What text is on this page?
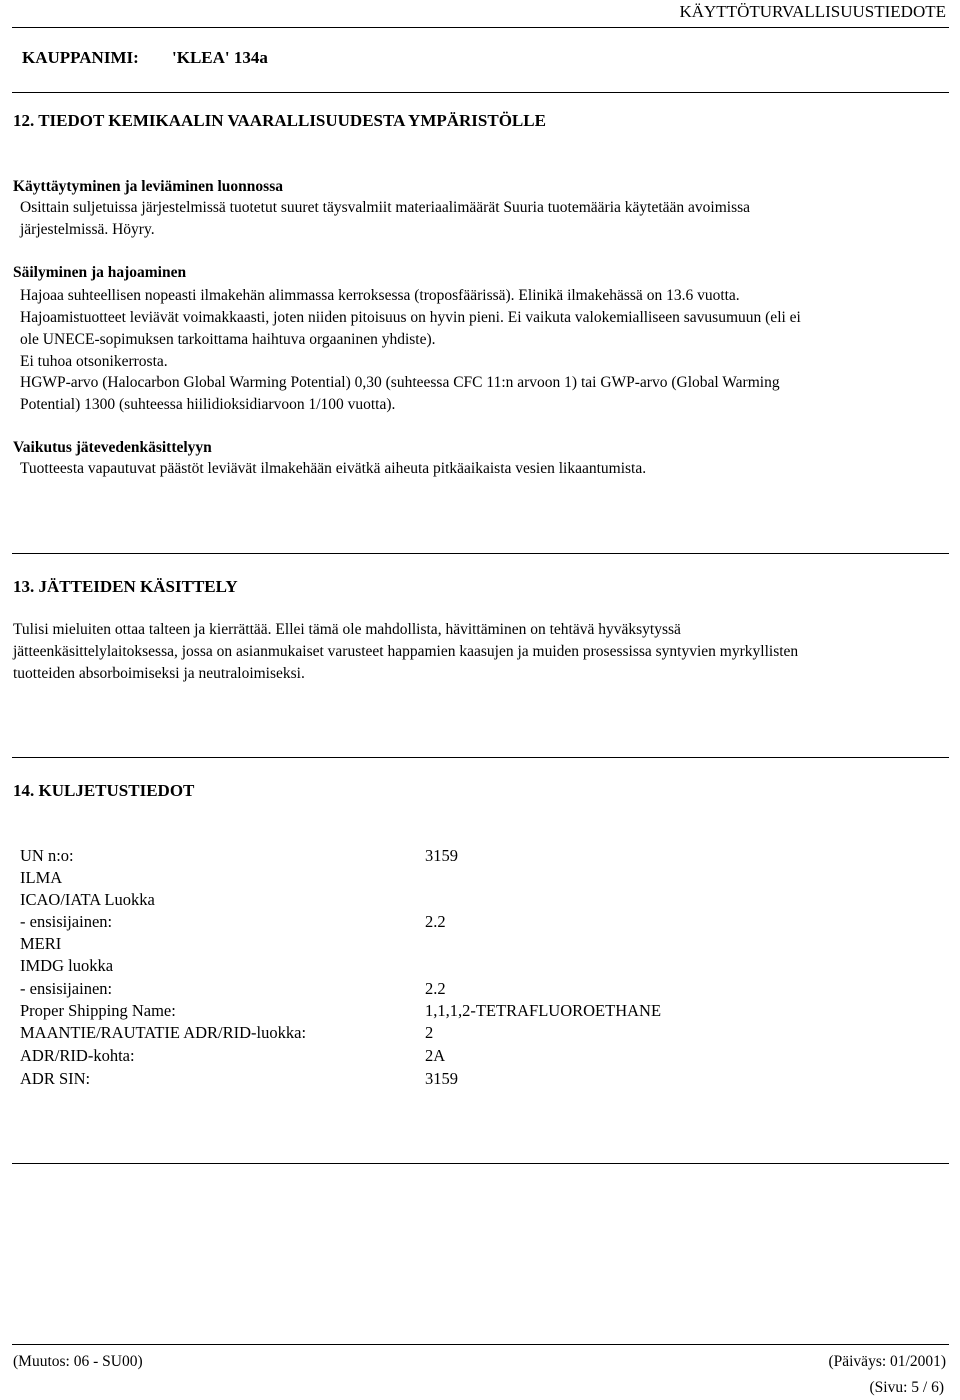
KÄYTTÖTURVALLISUUSTIEDOTE
KAUPPANIMI: 'KLEA' 134a
12. TIEDOT KEMIKAALIN VAARALLISUUDESTA YMPÄRISTÖLLE
Käyttäytyminen ja leviäminen luonnossa
Osittain suljetuissa järjestelmissä tuotetut suuret täysvalmiit materiaalimäärät Suuria tuotemääria käytetään avoimissa
järjestelmissä. Höyry.
Säilyminen ja hajoaminen
Hajoaa suhteellisen nopeasti ilmakehän alimmassa kerroksessa (troposfäärissä). Elinikä ilmakehässä on 13.6 vuotta.
Hajoamistuotteet leviävät voimakkaasti, joten niiden pitoisuus on hyvin pieni. Ei vaikuta valokemialliseen savusumuun (eli ei
ole UNECE-sopimuksen tarkoittama haihtuva orgaaninen yhdiste).
Ei tuhoa otsonikerrosta.
HGWP-arvo (Halocarbon Global Warming Potential) 0,30 (suhteessa CFC 11:n arvoon 1) tai GWP-arvo (Global Warming
Potential) 1300 (suhteessa hiilidioksidiarvoon 1/100 vuotta).
Vaikutus jätevedenkäsittelyyn
Tuotteesta vapautuvat päästöt leviävät ilmakehään eivätkä aiheuta pitkäaikaista vesien likaantumista.
13. JÄTTEIDEN KÄSITTELY
Tulisi mieluiten ottaa talteen ja kierrättää. Ellei tämä ole mahdollista, hävittäminen on tehtävä hyväksytyssä
jätteenkäsittelylaitoksessa, jossa on asianmukaiset varusteet happamien kaasujen ja muiden prosessissa syntyvien myrkyllisten
tuotteiden absorboimiseksi ja neutraloimiseksi.
14. KULJETUSTIEDOT
UN n:o:	3159
ILMA
ICAO/IATA Luokka
- ensisijainen:	2.2
MERI
IMDG luokka
- ensisijainen:	2.2
Proper Shipping Name:	1,1,1,2-TETRAFLUOROETHANE
MAANTIE/RAUTATIE ADR/RID-luokka:	2
ADR/RID-kohta:	2A
ADR SIN:	3159
(Muutos: 06 - SU00)	(Päiväys: 01/2001)
(Sivu: 5 / 6)
